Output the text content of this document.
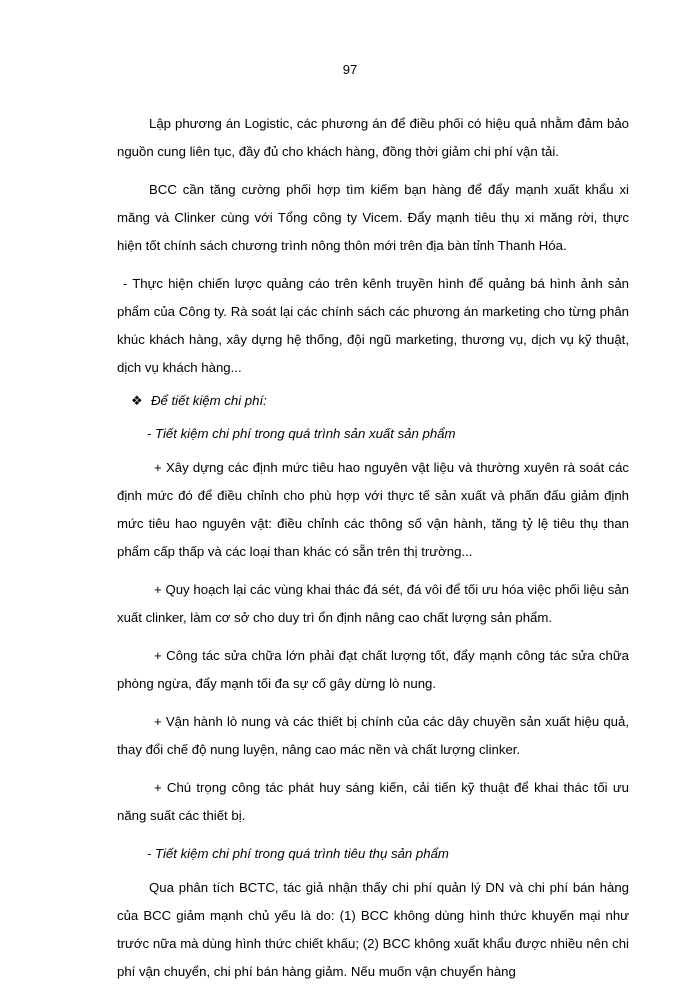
97

Lập phương án Logistic, các phương án để điều phối có hiệu quả nhằm đảm bảo nguồn cung liên tục, đầy đủ cho khách hàng, đồng thời giảm chi phí vận tải.

BCC cần tăng cường phối hợp tìm kiếm bạn hàng để đẩy mạnh xuất khẩu xi măng và Clinker cùng với Tổng công ty Vicem. Đẩy mạnh tiêu thụ xi măng rời, thực hiện tốt chính sách chương trình nông thôn mới trên địa bàn tỉnh Thanh Hóa.

- Thực hiện chiến lược quảng cáo trên kênh truyền hình để quảng bá hình ảnh sản phẩm của Công ty. Rà soát lại các chính sách các phương án marketing cho từng phân khúc khách hàng, xây dựng hệ thống, đội ngũ marketing, thương vụ, dịch vụ kỹ thuật, dịch vụ khách hàng...

❖ Để tiết kiệm chi phí:

- Tiết kiệm chi phí trong quá trình sản xuất sản phẩm

+ Xây dựng các định mức tiêu hao nguyên vật liệu và thường xuyên rà soát các định mức đó để điều chỉnh cho phù hợp với thực tế sản xuất và phấn đấu giảm định mức tiêu hao nguyên vật: điều chỉnh các thông số vận hành, tăng tỷ lệ tiêu thụ than phẩm cấp thấp và các loại than khác có sẵn trên thị trường...

+ Quy hoạch lại các vùng khai thác đá sét, đá vôi để tối ưu hóa việc phối liệu sản xuất clinker, làm cơ sở cho duy trì ổn định nâng cao chất lượng sản phẩm.

+ Công tác sửa chữa lớn phải đạt chất lượng tốt, đẩy mạnh công tác sửa chữa phòng ngừa, đẩy mạnh tối đa sự cố gây dừng lò nung.

+ Vận hành lò nung và các thiết bị chính của các dây chuyền sản xuất hiệu quả, thay đổi chế độ nung luyện, nâng cao mác nền và chất lượng clinker.

+ Chú trọng công tác phát huy sáng kiến, cải tiến kỹ thuật để khai thác tối ưu năng suất các thiết bị.

- Tiết kiệm chi phí trong quá trình tiêu thụ sản phẩm

Qua phân tích BCTC, tác giả nhận thấy chi phí quản lý DN và chi phí bán hàng của BCC giảm mạnh chủ yếu là do: (1) BCC không dùng hình thức khuyến mại như trước nữa mà dùng hình thức chiết khấu; (2) BCC không xuất khẩu được nhiều nên chi phí vận chuyển, chi phí bán hàng giảm. Nếu muốn vận chuyển hàng
